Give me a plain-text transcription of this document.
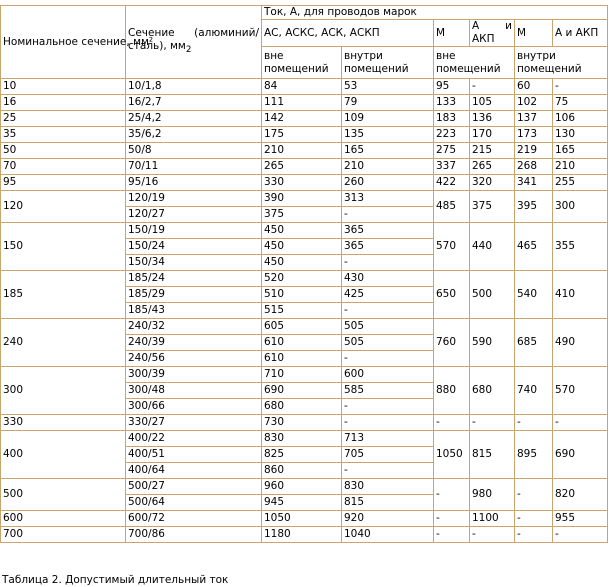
Номинальное сечение, мм²	Сечение (алюминий/
сталь), $мм_2$	Ток, А, для проводов марок					
		АС, АСКС, АСК, АСКП		М	А и
АКП	М	А и АКП
		вне помещений	внутри помещений	вне помещений		внутри помещений	
10	10/1,8	84	53	95	-	60	-
16	16/2,7	111	79	133	105	102	75
25	25/4,2	142	109	183	136	137	106
35	35/6,2	175	135	223	170	173	130
50	50/8	210	165	275	215	219	165
70	70/11	265	210	337	265	268	210
95	95/16	330	260	422	320	341	255
120	120/19	390	313	485	375	395	300
	120/27	375	-				
150	150/19	450	365	570	440	465	355
	150/24	450	365				
	150/34	450	-				
185	185/24	520	430	650	500	540	410
	185/29	510	425				
	185/43	515	-				
240	240/32	605	505	760	590	685	490
	240/39	610	505				
	240/56	610	-				
300	300/39	710	600	880	680	740	570
	300/48	690	585				
	300/66	680	-				
330	330/27	730	-	-	-	-	-
400	400/22	830	713	1050	815	895	690
	400/51	825	705				
	400/64	860	-				
500	500/27	960	830	-	980	-	820
	500/64	945	815				
600	600/72	1050	920	-	1100	-	955
700	700/86	1180	1040	-	-	-	-
Таблица 2. Допустимый длительный ток
